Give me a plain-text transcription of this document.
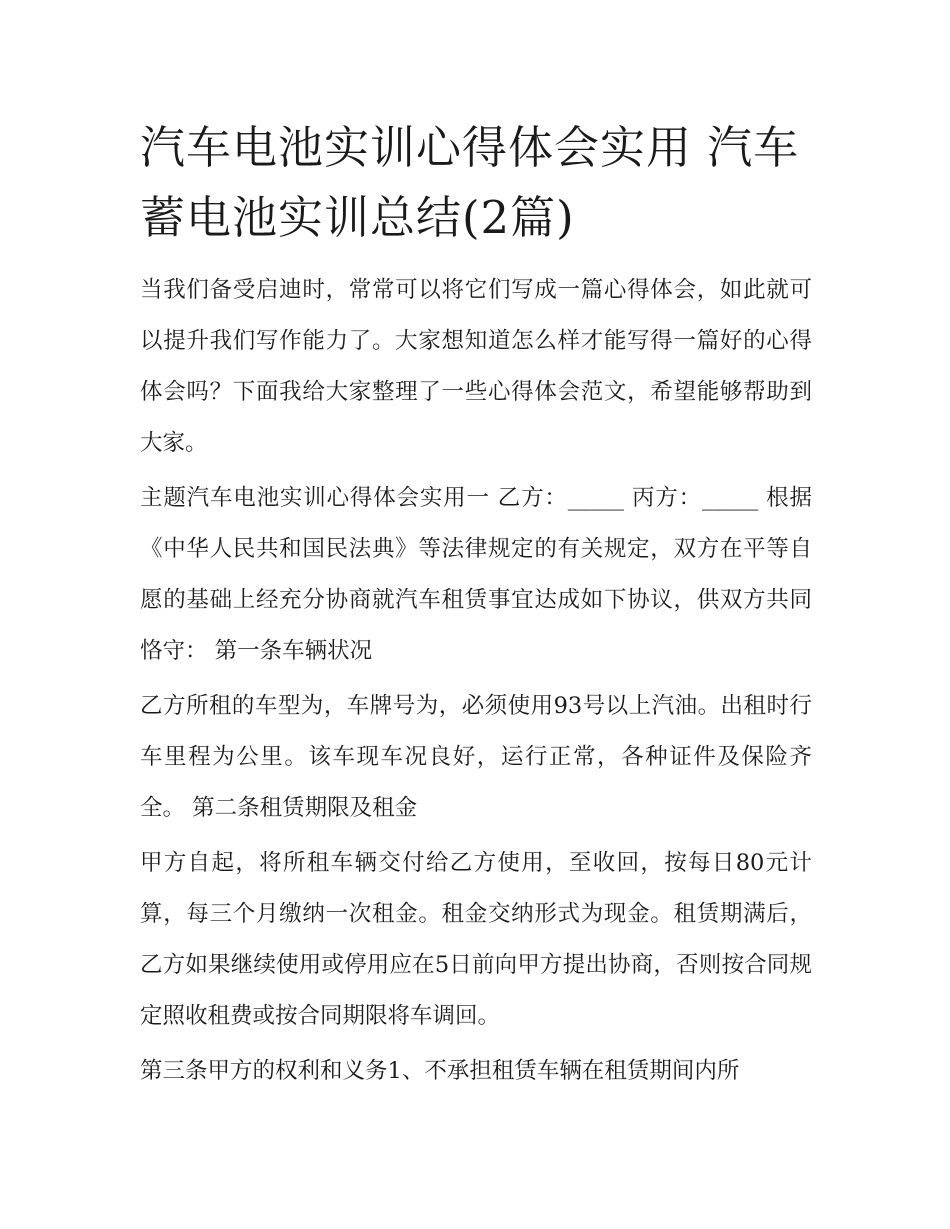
汽车电池实训心得体会实用 汽车蓄电池实训总结(2篇)

当我们备受启迪时，常常可以将它们写成一篇心得体会，如此就可以提升我们写作能力了。大家想知道怎么样才能写得一篇好的心得体会吗？下面我给大家整理了一些心得体会范文，希望能够帮助到大家。

主题汽车电池实训心得体会实用一 乙方：_____ 丙方：_____ 根据《中华人民共和国民法典》等法律规定的有关规定，双方在平等自愿的基础上经充分协商就汽车租赁事宜达成如下协议，供双方共同恪守： 第一条车辆状况

乙方所租的车型为，车牌号为，必须使用93号以上汽油。出租时行车里程为公里。该车现车况良好，运行正常，各种证件及保险齐全。 第二条租赁期限及租金

甲方自起，将所租车辆交付给乙方使用，至收回，按每日80元计算，每三个月缴纳一次租金。租金交纳形式为现金。租赁期满后，乙方如果继续使用或停用应在5日前向甲方提出协商，否则按合同规定照收租费或按合同期限将车调回。

第三条甲方的权利和义务1、不承担租赁车辆在租赁期间内所
